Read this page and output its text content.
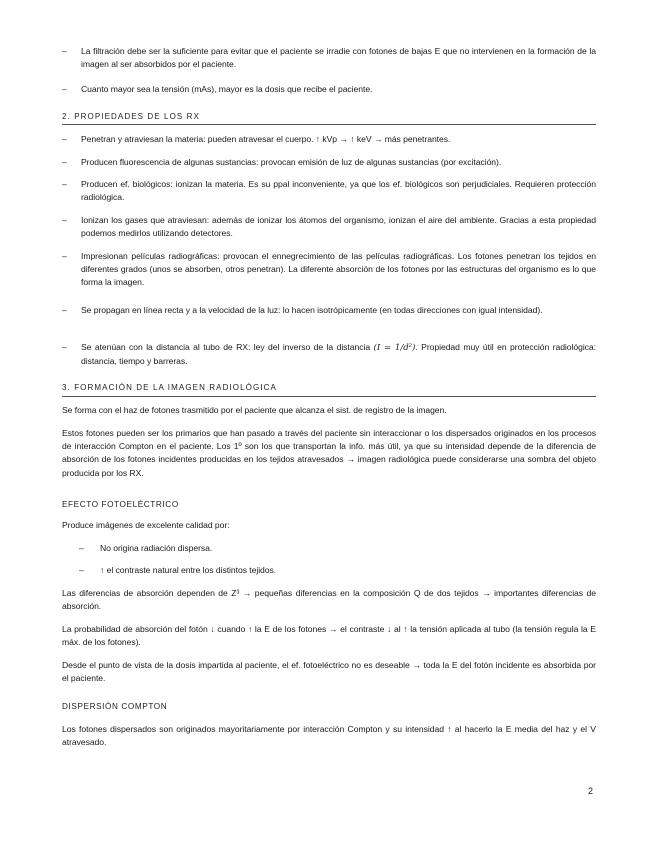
–	La filtración debe ser la suficiente para evitar que el paciente se irradie con fotones de bajas E que no intervienen en la formación de la imagen al ser absorbidos por el paciente.
–	Cuanto mayor sea la tensión (mAs), mayor es la dosis que recibe el paciente.
2. PROPIEDADES DE LOS RX
–	Penetran y atraviesan la materia: pueden atravesar el cuerpo. ↑ kVp → ↑ keV → más penetrantes.
–	Producen fluorescencia de algunas sustancias: provocan emisión de luz de algunas sustancias (por excitación).
–	Producen ef. biológicos: ionizan la materia. Es su ppal inconveniente, ya que los ef. biológicos son perjudiciales. Requieren protección radiológica.
–	Ionizan los gases que atraviesan: además de ionizar los átomos del organismo, ionizan el aire del ambiente. Gracias a esta propiedad podemos medirlos utilizando detectores.
–	Impresionan películas radiográficas: provocan el ennegrecimiento de las películas radiográficas. Los fotones penetran los tejidos en diferentes grados (unos se absorben, otros penetran). La diferente absorción de los fotones por las estructuras del organismo es lo que forma la imagen.
–	Se propagan en línea recta y a la velocidad de la luz: lo hacen isotrópicamente (en todas direcciones con igual intensidad).
–	Se atenúan con la distancia al tubo de RX: ley del inverso de la distancia (I = 1/d²). Propiedad muy útil en protección radiológica: distancia, tiempo y barreras.
3. FORMACIÓN DE LA IMAGEN RADIOLÓGICA
Se forma con el haz de fotones trasmitido por el paciente que alcanza el sist. de registro de la imagen.
Estos fotones pueden ser los primarios que han pasado a través del paciente sin interaccionar o los dispersados originados en los procesos de interacción Compton en el paciente. Los 1º son los que transportan la info. más útil, ya que su intensidad depende de la diferencia de absorción de los fotones incidentes producidas en los tejidos atravesados → imagen radiológica puede considerarse una sombra del objeto producida por los RX.
EFECTO FOTOELÉCTRICO
Produce imágenes de excelente calidad por:
–	No origina radiación dispersa.
–	↑ el contraste natural entre los distintos tejidos.
Las diferencias de absorción dependen de Z³ → pequeñas diferencias en la composición Q de dos tejidos → importantes diferencias de absorción.
La probabilidad de absorción del fotón ↓ cuando ↑ la E de los fotones → el contraste ↓ al ↑ la tensión aplicada al tubo (la tensión regula la E máx. de los fotones).
Desde el punto de vista de la dosis impartida al paciente, el ef. fotoeléctrico no es deseable → toda la E del fotón incidente es absorbida por el paciente.
DISPERSIÓN COMPTON
Los fotones dispersados son originados mayoritariamente por interacción Compton y su intensidad ↑ al hacerlo la E media del haz y el V atravesado.
2
